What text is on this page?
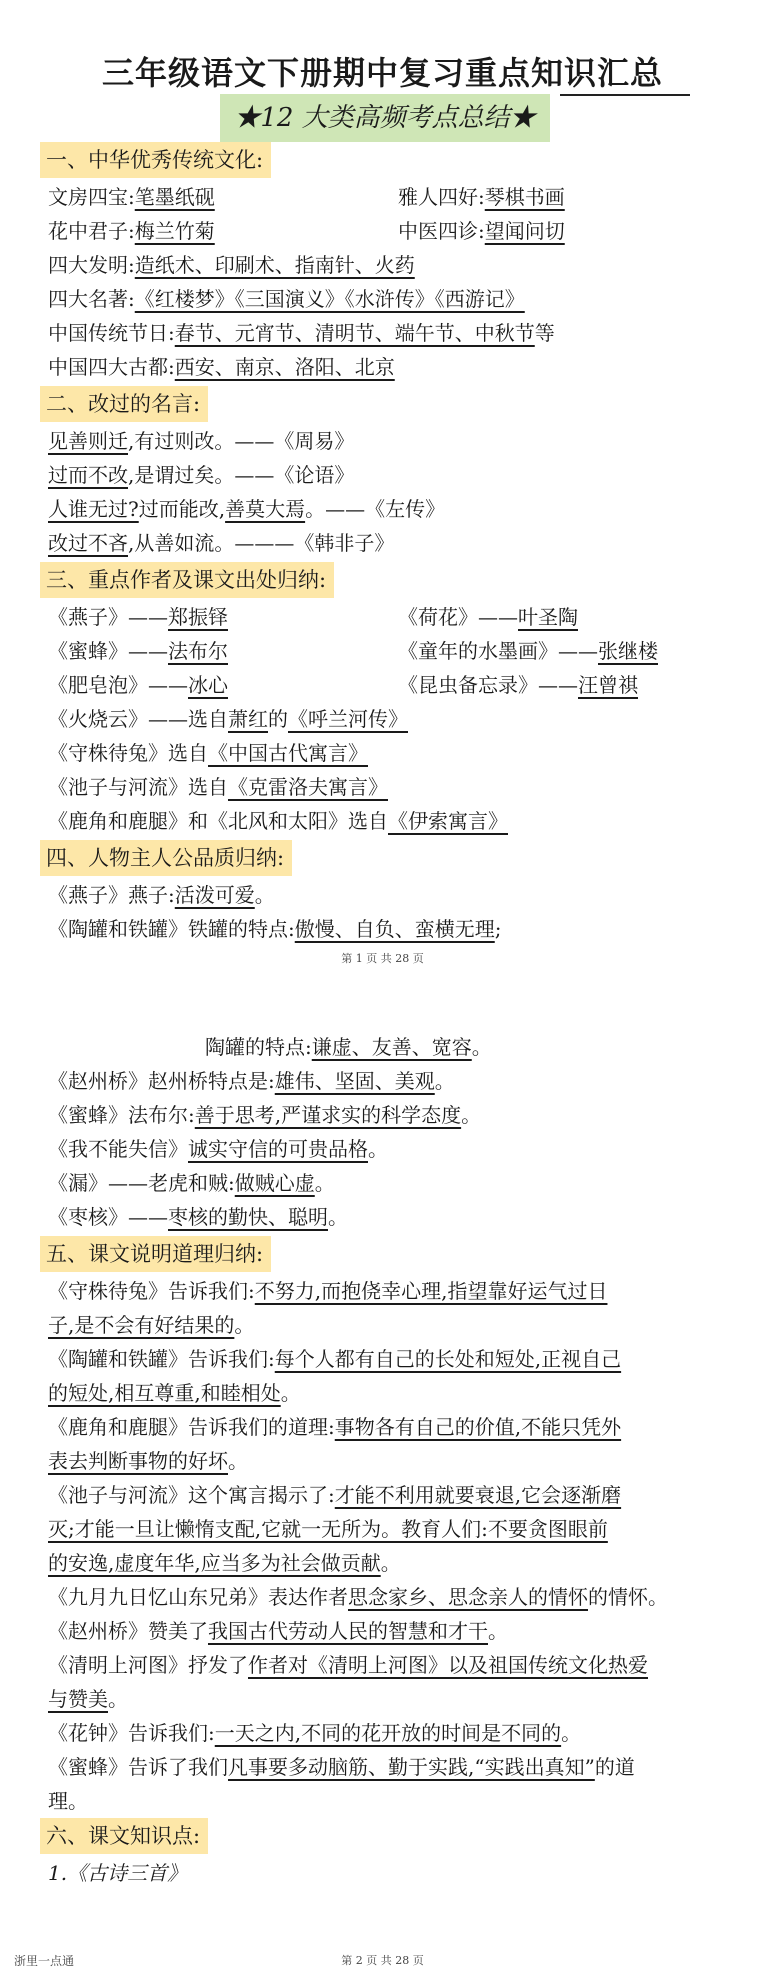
三年级语文下册期中复习重点知识汇总
★12 大类高频考点总结★
一、中华优秀传统文化:
文房四宝:笔墨纸砚	雅人四好:琴棋书画
花中君子:梅兰竹菊	中医四诊:望闻问切
四大发明:造纸术、印刷术、指南针、火药
四大名著:《红楼梦》《三国演义》《水浒传》《西游记》
中国传统节日:春节、元宵节、清明节、端午节、中秋节等
中国四大古都:西安、南京、洛阳、北京
二、改过的名言:
见善则迁,有过则改。——《周易》
过而不改,是谓过矣。——《论语》
人谁无过?过而能改,善莫大焉。——《左传》
改过不吝,从善如流。———《韩非子》
三、重点作者及课文出处归纳:
《燕子》——郑振铎	《荷花》——叶圣陶
《蜜蜂》——法布尔	《童年的水墨画》——张继楼
《肥皂泡》——冰心	《昆虫备忘录》——汪曾祺
《火烧云》——选自萧红的《呼兰河传》
《守株待兔》选自《中国古代寓言》
《池子与河流》选自《克雷洛夫寓言》
《鹿角和鹿腿》和《北风和太阳》选自《伊索寓言》
四、人物主人公品质归纳:
《燕子》燕子:活泼可爱。
《陶罐和铁罐》铁罐的特点:傲慢、自负、蛮横无理;
第 1 页 共 28 页
陶罐的特点:谦虚、友善、宽容。
《赵州桥》赵州桥特点是:雄伟、坚固、美观。
《蜜蜂》法布尔:善于思考,严谨求实的科学态度。
《我不能失信》诚实守信的可贵品格。
《漏》——老虎和贼:做贼心虚。
《枣核》——枣核的勤快、聪明。
五、课文说明道理归纳:
《守株待兔》告诉我们:不努力,而抱侥幸心理,指望靠好运气过日
子,是不会有好结果的。
《陶罐和铁罐》告诉我们:每个人都有自己的长处和短处,正视自己
的短处,相互尊重,和睦相处。
《鹿角和鹿腿》告诉我们的道理:事物各有自己的价值,不能只凭外
表去判断事物的好坏。
《池子与河流》这个寓言揭示了:才能不利用就要衰退,它会逐渐磨
灭;才能一旦让懒惰支配,它就一无所为。教育人们:不要贪图眼前
的安逸,虚度年华,应当多为社会做贡献。
《九月九日忆山东兄弟》表达作者思念家乡、思念亲人的情怀的情怀。
《赵州桥》赞美了我国古代劳动人民的智慧和才干。
《清明上河图》抒发了作者对《清明上河图》以及祖国传统文化热爱
与赞美。
《花钟》告诉我们:一天之内,不同的花开放的时间是不同的。
《蜜蜂》告诉了我们凡事要多动脑筋、勤于实践,“实践出真知”的道
理。
六、课文知识点:
1.《古诗三首》
浙里一点通	第 2 页 共 28 页
